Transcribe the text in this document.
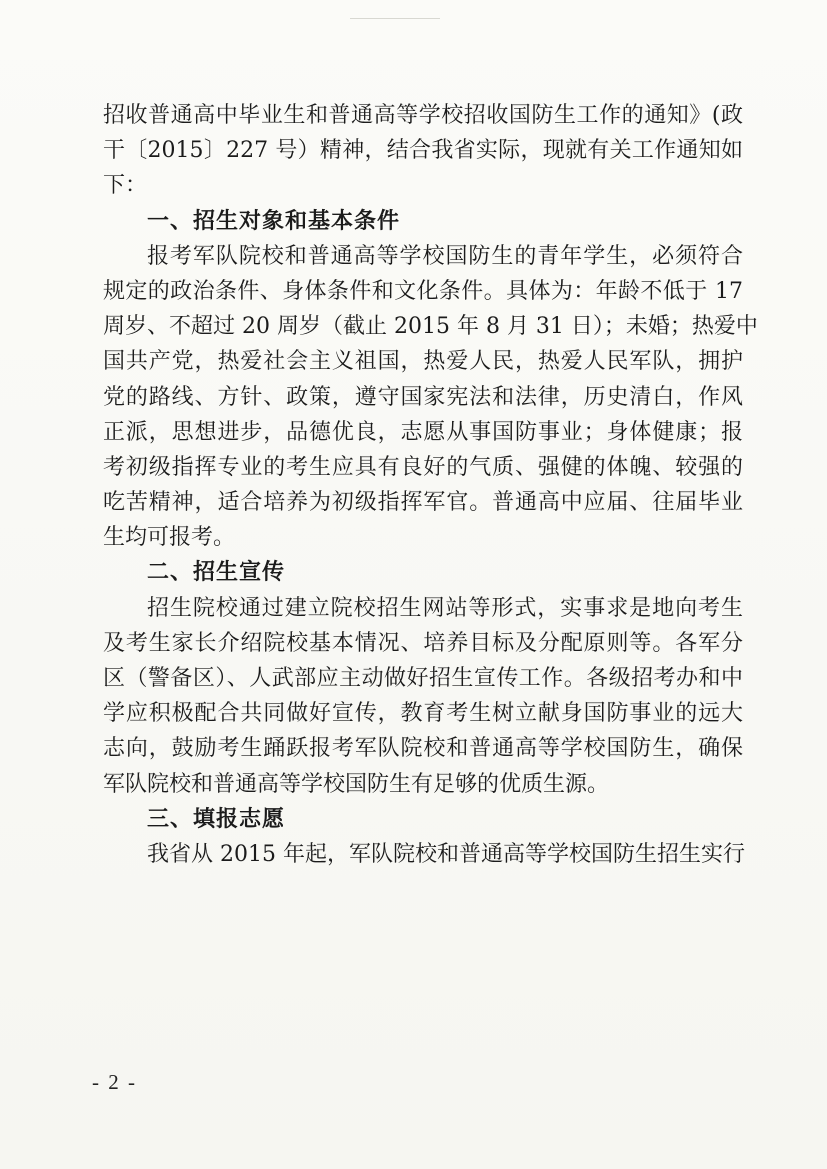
招收普通高中毕业生和普通高等学校招收国防生工作的通知》(政
干〔2015〕227 号）精神，结合我省实际，现就有关工作通知如
下：
一、招生对象和基本条件
报考军队院校和普通高等学校国防生的青年学生，必须符合
规定的政治条件、身体条件和文化条件。具体为：年龄不低于 17
周岁、不超过 20 周岁（截止 2015 年 8 月 31 日）；未婚；热爱中
国共产党，热爱社会主义祖国，热爱人民，热爱人民军队，拥护
党的路线、方针、政策，遵守国家宪法和法律，历史清白，作风
正派，思想进步，品德优良，志愿从事国防事业；身体健康；报
考初级指挥专业的考生应具有良好的气质、强健的体魄、较强的
吃苦精神，适合培养为初级指挥军官。普通高中应届、往届毕业
生均可报考。
二、招生宣传
招生院校通过建立院校招生网站等形式，实事求是地向考生
及考生家长介绍院校基本情况、培养目标及分配原则等。各军分
区（警备区）、人武部应主动做好招生宣传工作。各级招考办和中
学应积极配合共同做好宣传，教育考生树立献身国防事业的远大
志向，鼓励考生踊跃报考军队院校和普通高等学校国防生，确保
军队院校和普通高等学校国防生有足够的优质生源。
三、填报志愿
我省从 2015 年起，军队院校和普通高等学校国防生招生实行
- 2 -
